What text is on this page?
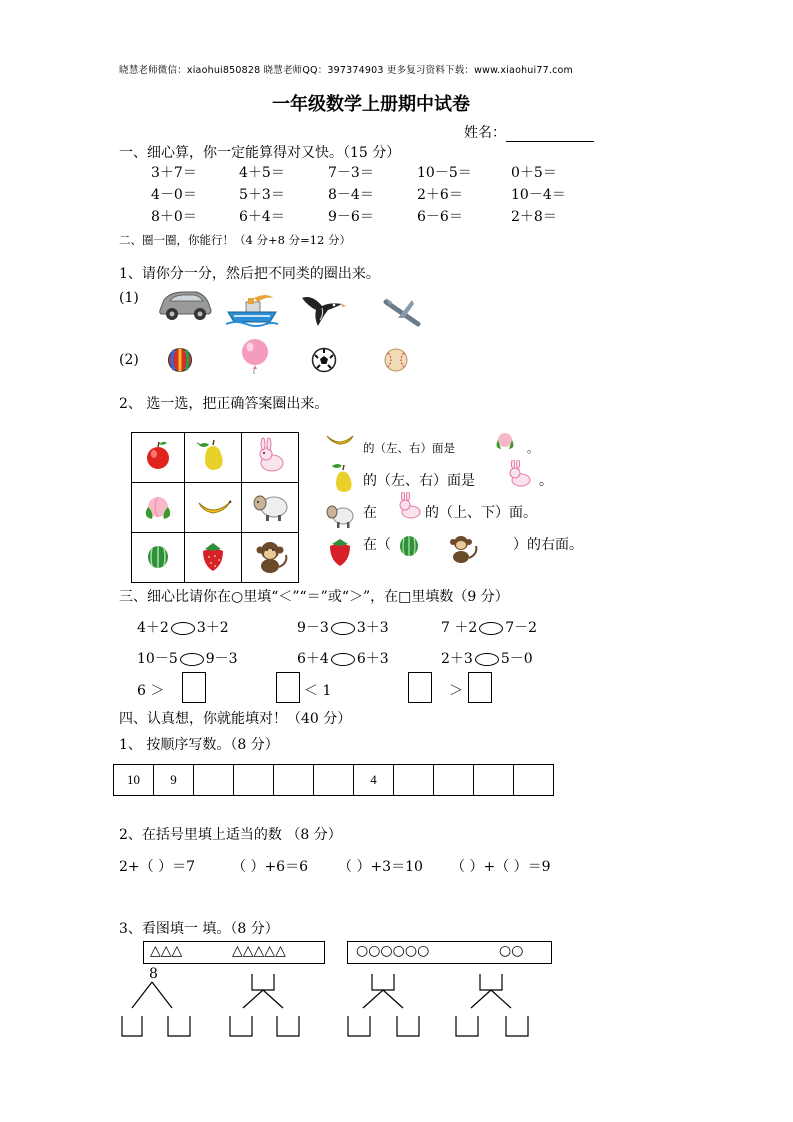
晓慧老师微信：xiaohui850828 晓慧老师QQ：397374903 更多复习资料下载：www.xiaohui77.com
一年级数学上册期中试卷
姓名：
一、细心算，你一定能算得对又快。（15 分）
3＋7＝	4＋5＝	7－3＝	10－5＝	0＋5＝
4－0＝	5＋3＝	8－4＝	2＋6＝	10－4＝
8＋0＝	6＋4＝	9－6＝	6－6＝	2＋8＝
二、圈一圈，你能行！（4 分+8 分=12 分）
1、请你分一分，然后把不同类的圈出来。
(1)
(2)
2、 选一选，把正确答案圈出来。

的（左、右）面是	。
的（左、右）面是	。
在	的（上、下）面。
在（	）的右面。
三、细心比请你在○里填“＜”“＝”或“＞”，在□里填数（9 分）
4＋2 3＋2	9－3 3＋3	7 ＋2 7－2
10－5 9－3	6＋4 6＋3	2＋3 5－0
6 ＞	＜ 1	＞
四、认真想，你就能填对！（40 分）
1、 按顺序写数。（8 分）
10	9					4				
2、在括号里填上适当的数 （8 分）
2+（ ）＝7	（ ）+6＝6 （ ）+3＝10 （ ）+（ ）＝9
3、看图填一 填。（8 分）
△△△	△△△△△	○○○○○○	○○
8
